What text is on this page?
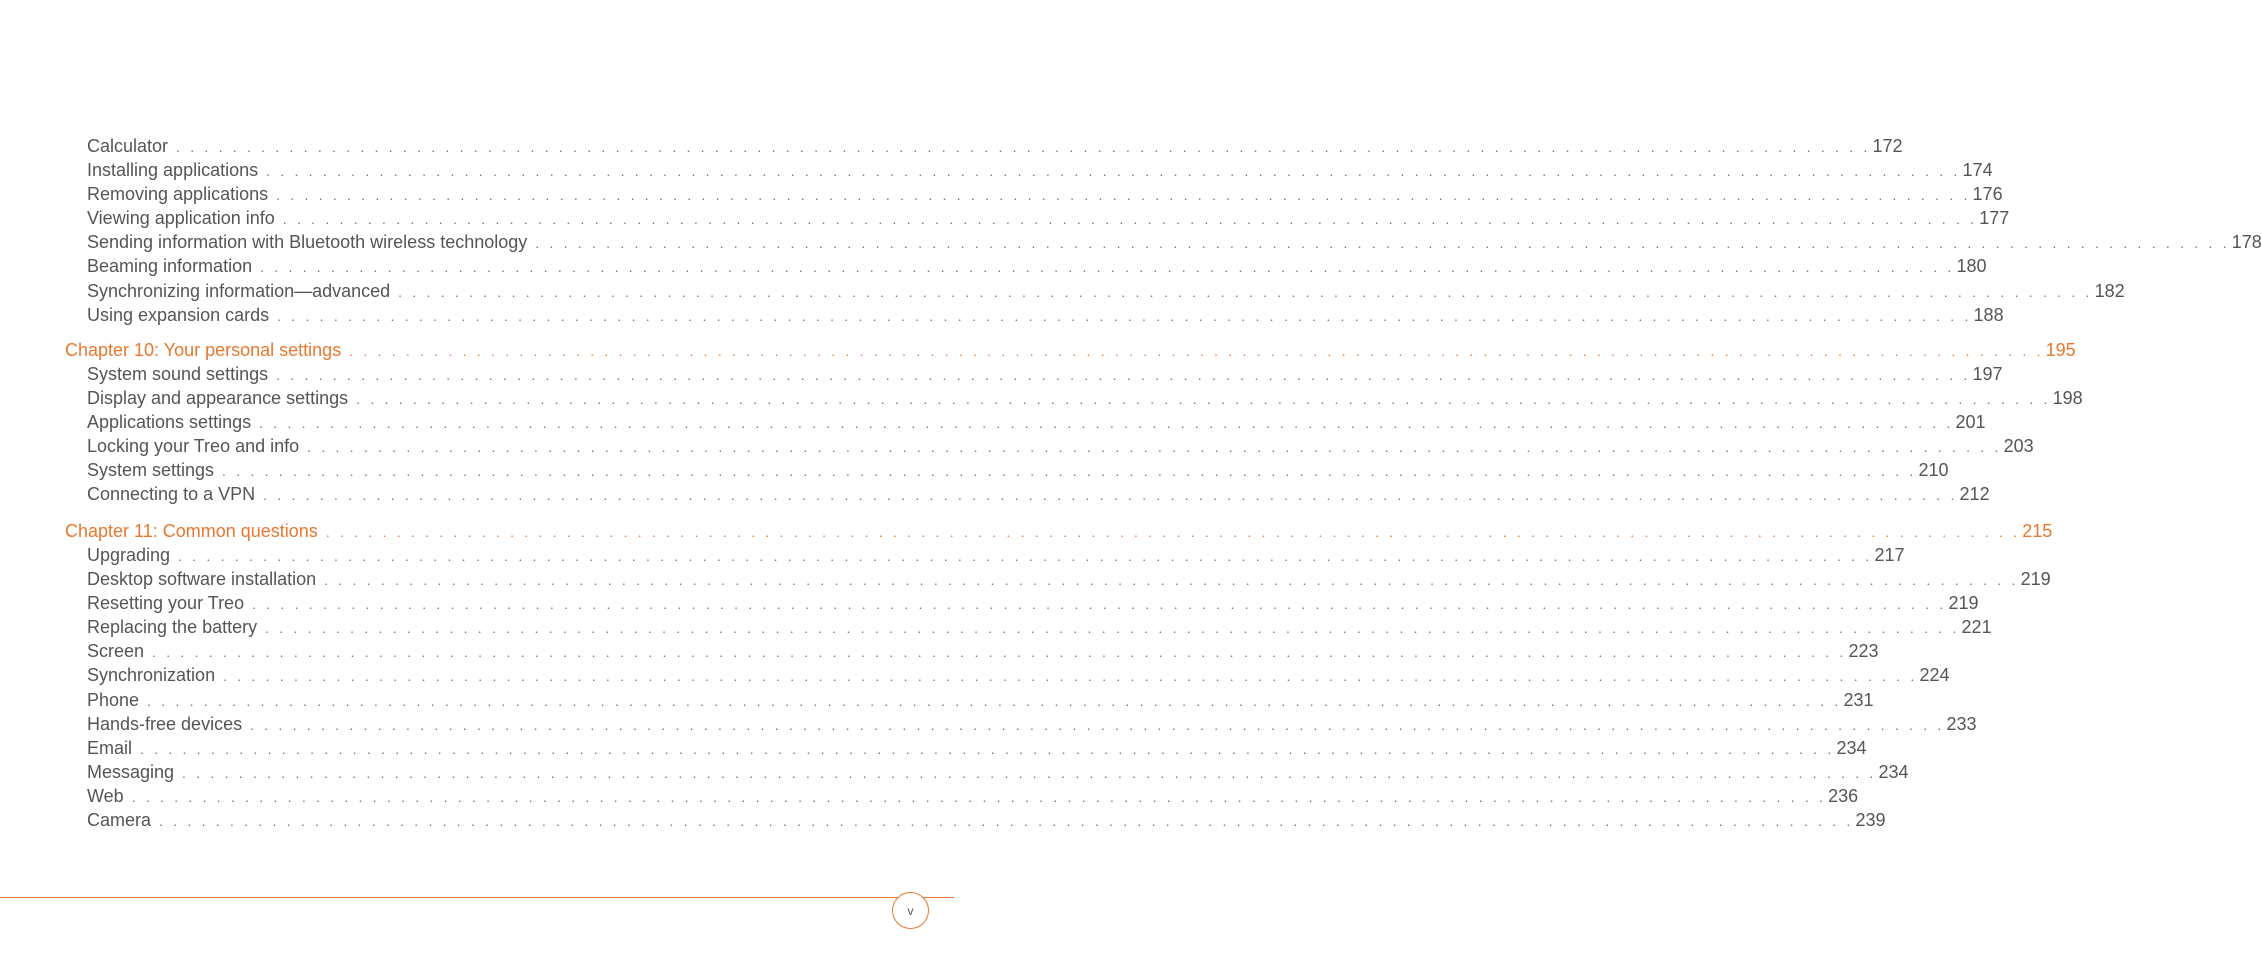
Calculator . . . . . . . . . . . . . . . . . . . . . . . . . . . . . . . . . . . . . . . . . . . . . . . . . . . . . . . . . . . . . . . . . . . . . . . . . . . . . . . . . . . . . . . . . . . . . . . . . . . . . . . . . . . . . . . . . . . . . . . . 172
Installing applications . . . . . . . . . . . . . . . . . . . . . . . . . . . . . . . . . . . . . . . . . . . . . . . . . . . . . . . . . . . . . . . . . . . . . . . . . . . . . . . . . . . . . . . . . . . . . . . . . . . . . . . . . . . . . . . . . . . . . . . . 174
Removing applications . . . . . . . . . . . . . . . . . . . . . . . . . . . . . . . . . . . . . . . . . . . . . . . . . . . . . . . . . . . . . . . . . . . . . . . . . . . . . . . . . . . . . . . . . . . . . . . . . . . . . . . . . . . . . . . . . . . . . . . . 176
Viewing application info . . . . . . . . . . . . . . . . . . . . . . . . . . . . . . . . . . . . . . . . . . . . . . . . . . . . . . . . . . . . . . . . . . . . . . . . . . . . . . . . . . . . . . . . . . . . . . . . . . . . . . . . . . . . . . . . . . . . . . . . 177
Sending information with Bluetooth wireless technology . . . . . . . . . . . . . . . . . . . . . . . . . . . . . . . . . . . . . . . . . . . . . . . . . . . . . . . . . . . . . . . . . . . . . . . . . . . . . . . . . . . . . . . . . . . . . . . . . . . . . . . . . . . . . . . . . . . . . . . . 178
Beaming information . . . . . . . . . . . . . . . . . . . . . . . . . . . . . . . . . . . . . . . . . . . . . . . . . . . . . . . . . . . . . . . . . . . . . . . . . . . . . . . . . . . . . . . . . . . . . . . . . . . . . . . . . . . . . . . . . . . . . . . . 180
Synchronizing information—advanced . . . . . . . . . . . . . . . . . . . . . . . . . . . . . . . . . . . . . . . . . . . . . . . . . . . . . . . . . . . . . . . . . . . . . . . . . . . . . . . . . . . . . . . . . . . . . . . . . . . . . . . . . . . . . . . . . . . . . . . . 182
Using expansion cards . . . . . . . . . . . . . . . . . . . . . . . . . . . . . . . . . . . . . . . . . . . . . . . . . . . . . . . . . . . . . . . . . . . . . . . . . . . . . . . . . . . . . . . . . . . . . . . . . . . . . . . . . . . . . . . . . . . . . . . . 188
Chapter 10: Your personal settings . . . . . . . . . . . . . . . . . . . . . . . . . . . . . . . . . . . . . . . . . . . . . . . . . . . . . . . . . . . . . . . . . . . . . . . . . . . . . . . . . . . . . . . . . . . . . . . . . . . . . . . . . . . . . . . . . . . . . . . . 195
System sound settings . . . . . . . . . . . . . . . . . . . . . . . . . . . . . . . . . . . . . . . . . . . . . . . . . . . . . . . . . . . . . . . . . . . . . . . . . . . . . . . . . . . . . . . . . . . . . . . . . . . . . . . . . . . . . . . . . . . . . . . . 197
Display and appearance settings . . . . . . . . . . . . . . . . . . . . . . . . . . . . . . . . . . . . . . . . . . . . . . . . . . . . . . . . . . . . . . . . . . . . . . . . . . . . . . . . . . . . . . . . . . . . . . . . . . . . . . . . . . . . . . . . . . . . . . . . 198
Applications settings . . . . . . . . . . . . . . . . . . . . . . . . . . . . . . . . . . . . . . . . . . . . . . . . . . . . . . . . . . . . . . . . . . . . . . . . . . . . . . . . . . . . . . . . . . . . . . . . . . . . . . . . . . . . . . . . . . . . . . . . 201
Locking your Treo and info . . . . . . . . . . . . . . . . . . . . . . . . . . . . . . . . . . . . . . . . . . . . . . . . . . . . . . . . . . . . . . . . . . . . . . . . . . . . . . . . . . . . . . . . . . . . . . . . . . . . . . . . . . . . . . . . . . . . . . . . 203
System settings . . . . . . . . . . . . . . . . . . . . . . . . . . . . . . . . . . . . . . . . . . . . . . . . . . . . . . . . . . . . . . . . . . . . . . . . . . . . . . . . . . . . . . . . . . . . . . . . . . . . . . . . . . . . . . . . . . . . . . . . 210
Connecting to a VPN . . . . . . . . . . . . . . . . . . . . . . . . . . . . . . . . . . . . . . . . . . . . . . . . . . . . . . . . . . . . . . . . . . . . . . . . . . . . . . . . . . . . . . . . . . . . . . . . . . . . . . . . . . . . . . . . . . . . . . . . 212
Chapter 11: Common questions . . . . . . . . . . . . . . . . . . . . . . . . . . . . . . . . . . . . . . . . . . . . . . . . . . . . . . . . . . . . . . . . . . . . . . . . . . . . . . . . . . . . . . . . . . . . . . . . . . . . . . . . . . . . . . . . . . . . . . . . 215
Upgrading . . . . . . . . . . . . . . . . . . . . . . . . . . . . . . . . . . . . . . . . . . . . . . . . . . . . . . . . . . . . . . . . . . . . . . . . . . . . . . . . . . . . . . . . . . . . . . . . . . . . . . . . . . . . . . . . . . . . . . . . 217
Desktop software installation . . . . . . . . . . . . . . . . . . . . . . . . . . . . . . . . . . . . . . . . . . . . . . . . . . . . . . . . . . . . . . . . . . . . . . . . . . . . . . . . . . . . . . . . . . . . . . . . . . . . . . . . . . . . . . . . . . . . . . . . 219
Resetting your Treo . . . . . . . . . . . . . . . . . . . . . . . . . . . . . . . . . . . . . . . . . . . . . . . . . . . . . . . . . . . . . . . . . . . . . . . . . . . . . . . . . . . . . . . . . . . . . . . . . . . . . . . . . . . . . . . . . . . . . . . . 219
Replacing the battery . . . . . . . . . . . . . . . . . . . . . . . . . . . . . . . . . . . . . . . . . . . . . . . . . . . . . . . . . . . . . . . . . . . . . . . . . . . . . . . . . . . . . . . . . . . . . . . . . . . . . . . . . . . . . . . . . . . . . . . . 221
Screen . . . . . . . . . . . . . . . . . . . . . . . . . . . . . . . . . . . . . . . . . . . . . . . . . . . . . . . . . . . . . . . . . . . . . . . . . . . . . . . . . . . . . . . . . . . . . . . . . . . . . . . . . . . . . . . . . . . . . . . . 223
Synchronization . . . . . . . . . . . . . . . . . . . . . . . . . . . . . . . . . . . . . . . . . . . . . . . . . . . . . . . . . . . . . . . . . . . . . . . . . . . . . . . . . . . . . . . . . . . . . . . . . . . . . . . . . . . . . . . . . . . . . . . . 224
Phone . . . . . . . . . . . . . . . . . . . . . . . . . . . . . . . . . . . . . . . . . . . . . . . . . . . . . . . . . . . . . . . . . . . . . . . . . . . . . . . . . . . . . . . . . . . . . . . . . . . . . . . . . . . . . . . . . . . . . . . . 231
Hands-free devices . . . . . . . . . . . . . . . . . . . . . . . . . . . . . . . . . . . . . . . . . . . . . . . . . . . . . . . . . . . . . . . . . . . . . . . . . . . . . . . . . . . . . . . . . . . . . . . . . . . . . . . . . . . . . . . . . . . . . . . . 233
Email . . . . . . . . . . . . . . . . . . . . . . . . . . . . . . . . . . . . . . . . . . . . . . . . . . . . . . . . . . . . . . . . . . . . . . . . . . . . . . . . . . . . . . . . . . . . . . . . . . . . . . . . . . . . . . . . . . . . . . . . 234
Messaging . . . . . . . . . . . . . . . . . . . . . . . . . . . . . . . . . . . . . . . . . . . . . . . . . . . . . . . . . . . . . . . . . . . . . . . . . . . . . . . . . . . . . . . . . . . . . . . . . . . . . . . . . . . . . . . . . . . . . . . . 234
Web . . . . . . . . . . . . . . . . . . . . . . . . . . . . . . . . . . . . . . . . . . . . . . . . . . . . . . . . . . . . . . . . . . . . . . . . . . . . . . . . . . . . . . . . . . . . . . . . . . . . . . . . . . . . . . . . . . . . . . . . 236
Camera . . . . . . . . . . . . . . . . . . . . . . . . . . . . . . . . . . . . . . . . . . . . . . . . . . . . . . . . . . . . . . . . . . . . . . . . . . . . . . . . . . . . . . . . . . . . . . . . . . . . . . . . . . . . . . . . . . . . . . . . 239
v
